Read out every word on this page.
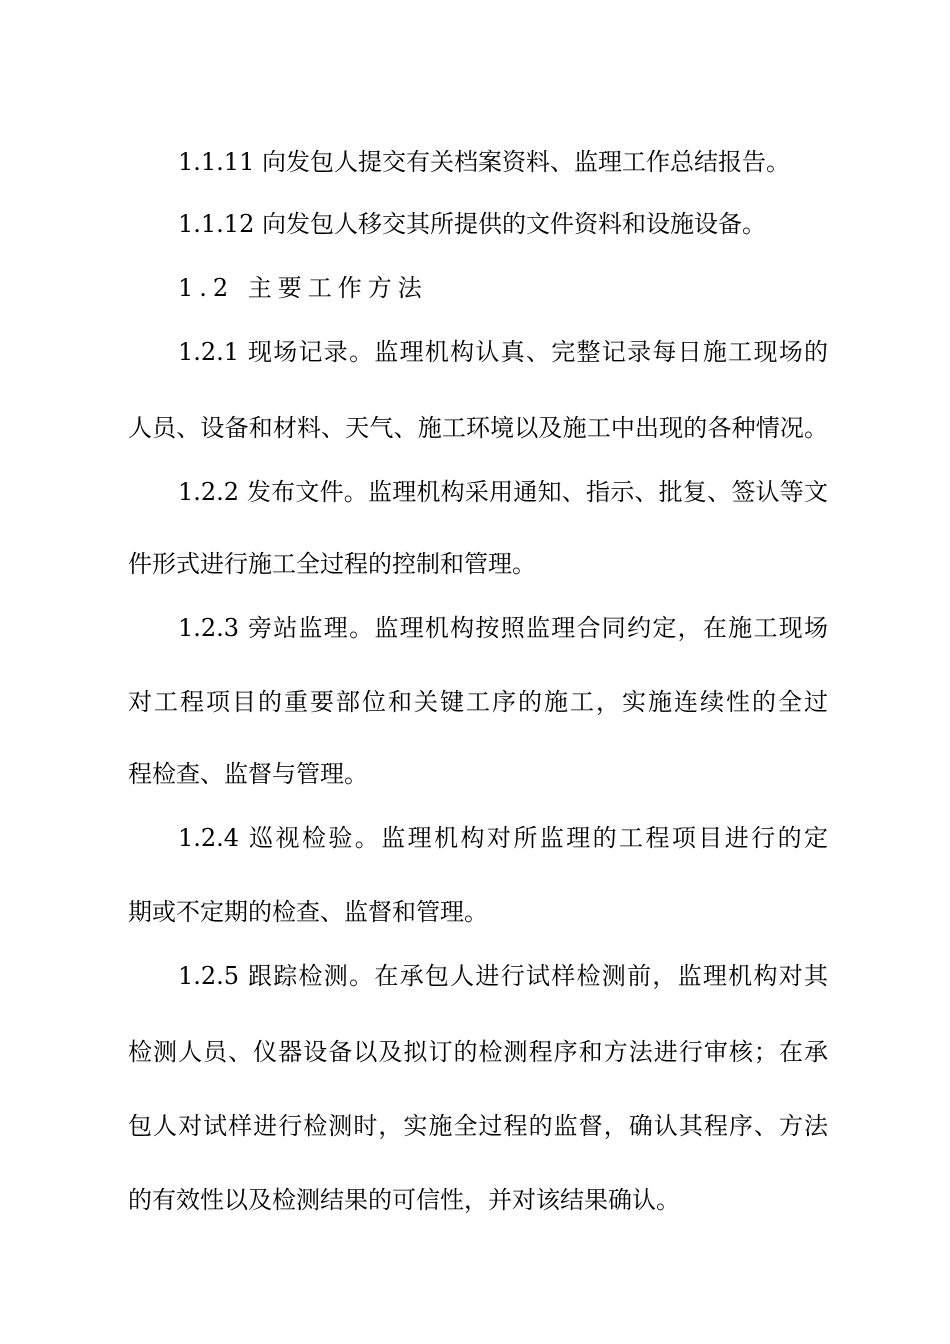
1.1.11 向发包人提交有关档案资料、监理工作总结报告。
1.1.12 向发包人移交其所提供的文件资料和设施设备。
1.2 主要工作方法
1.2.1 现场记录。监理机构认真、完整记录每日施工现场的
人员、设备和材料、天气、施工环境以及施工中出现的各种情况。
1.2.2 发布文件。监理机构采用通知、指示、批复、签认等文
件形式进行施工全过程的控制和管理。
1.2.3 旁站监理。监理机构按照监理合同约定，在施工现场
对工程项目的重要部位和关键工序的施工，实施连续性的全过
程检查、监督与管理。
1.2.4 巡视检验。监理机构对所监理的工程项目进行的定
期或不定期的检查、监督和管理。
1.2.5 跟踪检测。在承包人进行试样检测前，监理机构对其
检测人员、仪器设备以及拟订的检测程序和方法进行审核；在承
包人对试样进行检测时，实施全过程的监督，确认其程序、方法
的有效性以及检测结果的可信性，并对该结果确认。
